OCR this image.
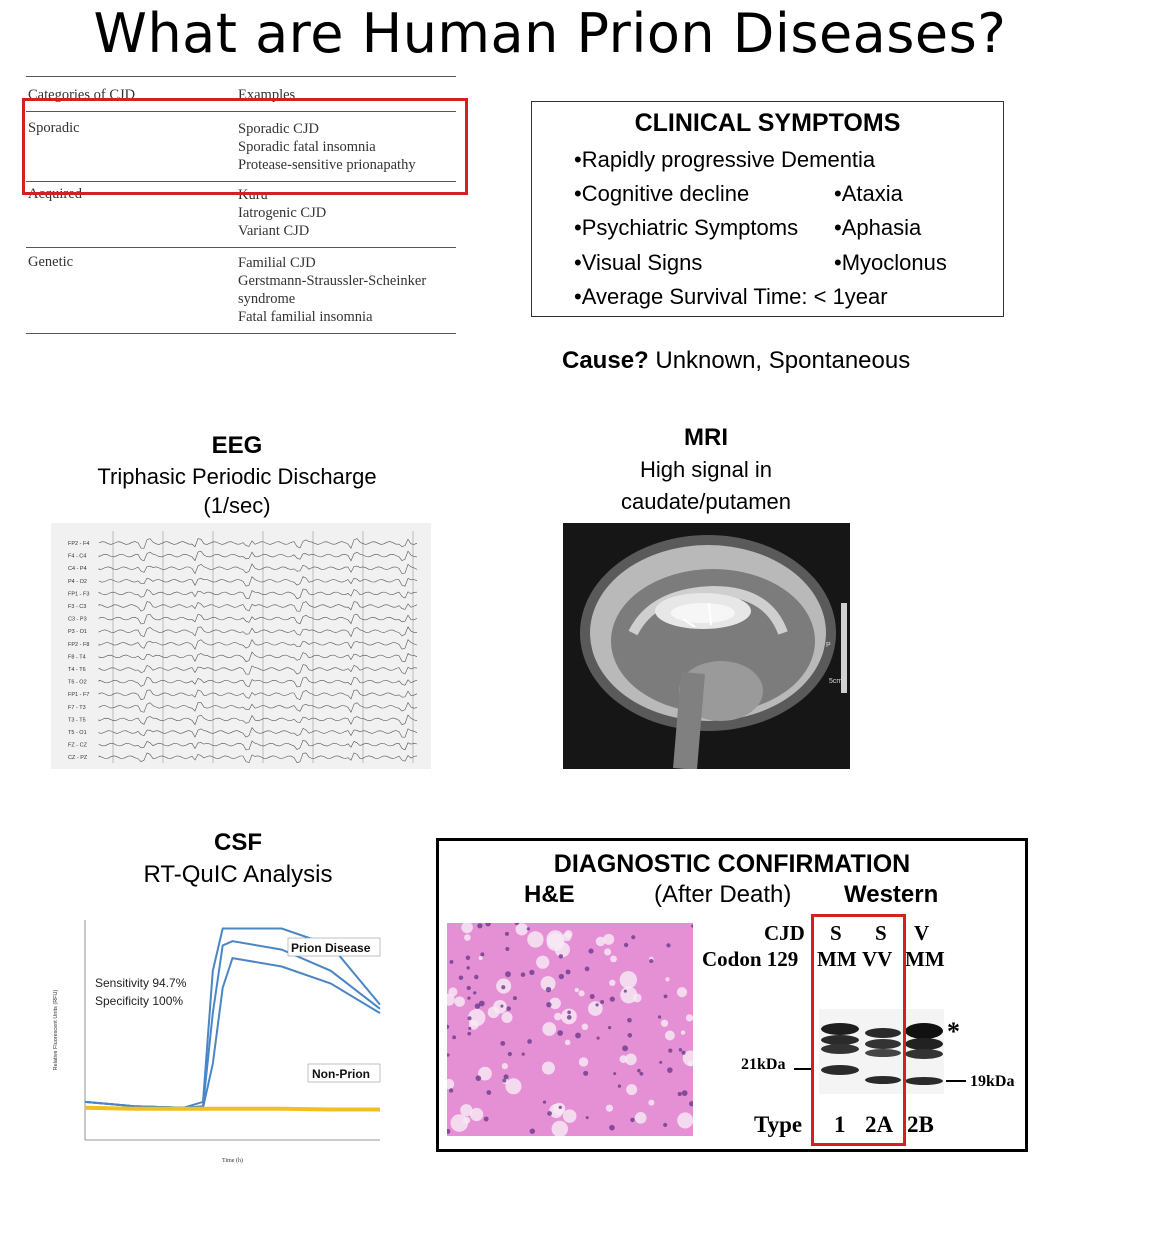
What are Human Prion Diseases?
Categories of CJD	Examples
Sporadic	Sporadic CJD
Sporadic fatal insomnia
Protease-sensitive prionapathy
Acquired	Kuru
Iatrogenic CJD
Variant CJD
Genetic	Familial CJD
Gerstmann-Straussler-Scheinker
syndrome
Fatal familial insomnia
CLINICAL SYMPTOMS
•Rapidly progressive Dementia
•Cognitive decline
•Psychiatric Symptoms
•Visual Signs
•Average Survival Time: < 1year
•Ataxia
•Aphasia
•Myoclonus
Cause? Unknown, Spontaneous
EEG
Triphasic Periodic Discharge
(1/sec)
FP2 - F4
F4 - C4
C4 - P4
P4 - O2
FP1 - F3
F3 - C3
C3 - P3
P3 - O1
FP2 - F8
F8 - T4
T4 - T6
T6 - O2
FP1 - F7
F7 - T3
T3 - T5
T5 - O1
FZ - CZ
CZ - PZ
MRI
High signal in
caudate/putamen
P
5cm
CSF
RT-QuIC Analysis
Relative Fluorescent Units (RFU)
Time (h)
Sensitivity 94.7%
Specificity 100%
Prion Disease
Non-Prion
DIAGNOSTIC CONFIRMATION
H&E	(After Death) Western
CJD
Codon 129
S S V
MM VV MM
21kDa
19kDa
*
Type 1 2A 2B
